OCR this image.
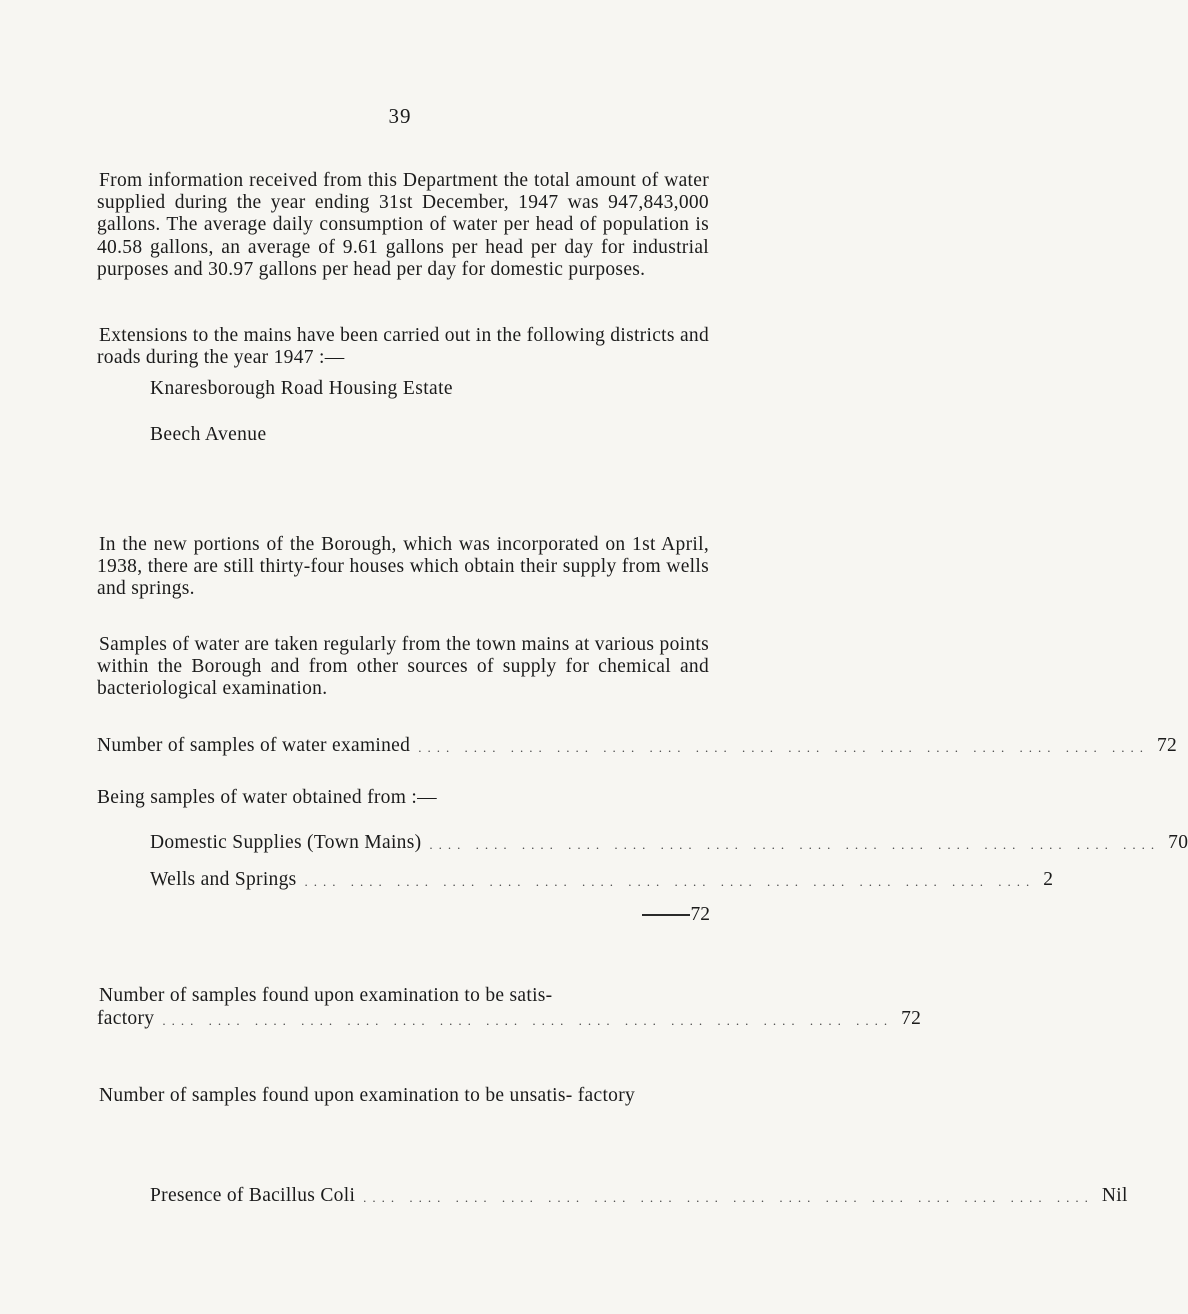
39

From information received from this Department the total amount of water supplied during the year ending 31st December, 1947 was 947,843,000 gallons. The average daily consumption of water per head of population is 40.58 gallons, an average of 9.61 gallons per head per day for industrial purposes and 30.97 gallons per head per day for domestic purposes.

Extensions to the mains have been carried out in the following districts and roads during the year 1947 :—

Knaresborough Road Housing Estate
Beech Avenue

In the new portions of the Borough, which was incorporated on 1st April, 1938, there are still thirty-four houses which obtain their supply from wells and springs.

Samples of water are taken regularly from the town mains at various points within the Borough and from other sources of supply for chemical and bacteriological examination.

Number of samples of water examined .... .... .... .... .... .... .... .... .... .... .... .... .... .... .... .... 72
Being samples of water obtained from :—
Domestic Supplies (Town Mains) .... .... .... .... .... .... .... .... .... .... .... .... .... .... .... .... 70
Wells and Springs .... .... .... .... .... .... .... .... .... .... .... .... .... .... .... .... 2
72
Number of samples found upon examination to be satis-
factory .... .... .... .... .... .... .... .... .... .... .... .... .... .... .... .... 72

Number of samples found upon examination to be unsatis- factory

Presence of Bacillus Coli .... .... .... .... .... .... .... .... .... .... .... .... .... .... .... .... Nil
